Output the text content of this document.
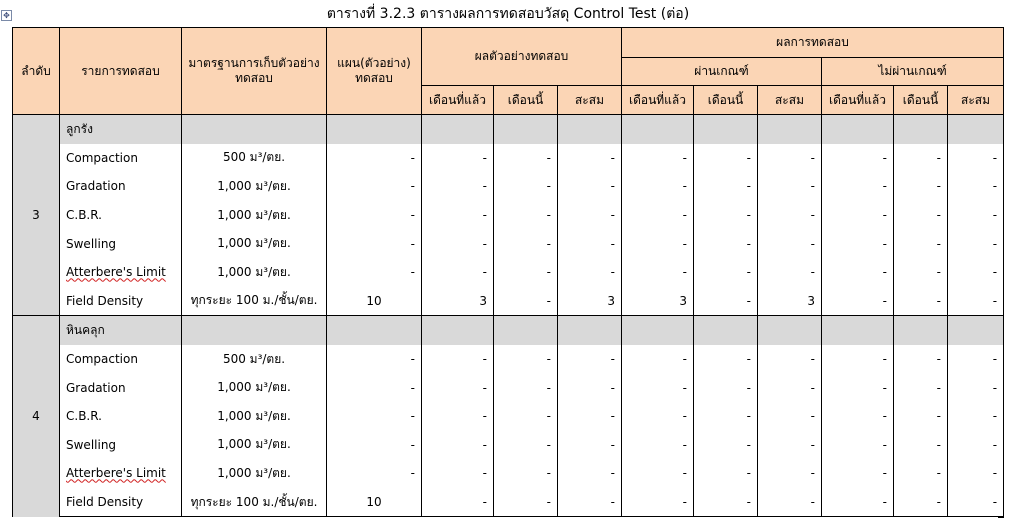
✥	ตารางที่ 3.2.3 ตารางผลการทดสอบวัสดุ Control Test (ต่อ)
ลำดับ	รายการทดสอบ	มาตรฐานการเก็บตัวอย่างทดสอบ	แผน(ตัวอย่าง) ทดสอบ	ผลตัวอย่างทดสอบ			ผลการทดสอบ					
							ผ่านเกณฑ์			ไม่ผ่านเกณฑ์		
				เดือนที่แล้ว	เดือนนี้	สะสม	เดือนที่แล้ว	เดือนนี้	สะสม	เดือนที่แล้ว	เดือนนี้	สะสม
3	ลูกรัง											
	Compaction	500 ม³/ตย.	-	-	-	-	-	-	-	-	-	-
	Gradation	1,000 ม³/ตย.	-	-	-	-	-	-	-	-	-	-
	C.B.R.	1,000 ม³/ตย.	-	-	-	-	-	-	-	-	-	-
	Swelling	1,000 ม³/ตย.	-	-	-	-	-	-	-	-	-	-
	Atterbere's Limit	1,000 ม³/ตย.	-	-	-	-	-	-	-	-	-	-
	Field Density	ทุกระยะ 100 ม./ชั้น/ตย.	10	3	-	3	3	-	3	-	-	-
4	หินคลุก											
	Compaction	500 ม³/ตย.	-	-	-	-	-	-	-	-	-	-
	Gradation	1,000 ม³/ตย.	-	-	-	-	-	-	-	-	-	-
	C.B.R.	1,000 ม³/ตย.	-	-	-	-	-	-	-	-	-	-
	Swelling	1,000 ม³/ตย.	-	-	-	-	-	-	-	-	-	-
	Atterbere's Limit	1,000 ม³/ตย.	-	-	-	-	-	-	-	-	-	-
	Field Density	ทุกระยะ 100 ม./ชั้น/ตย.	10	-	-	-	-	-	-	-	-	-
